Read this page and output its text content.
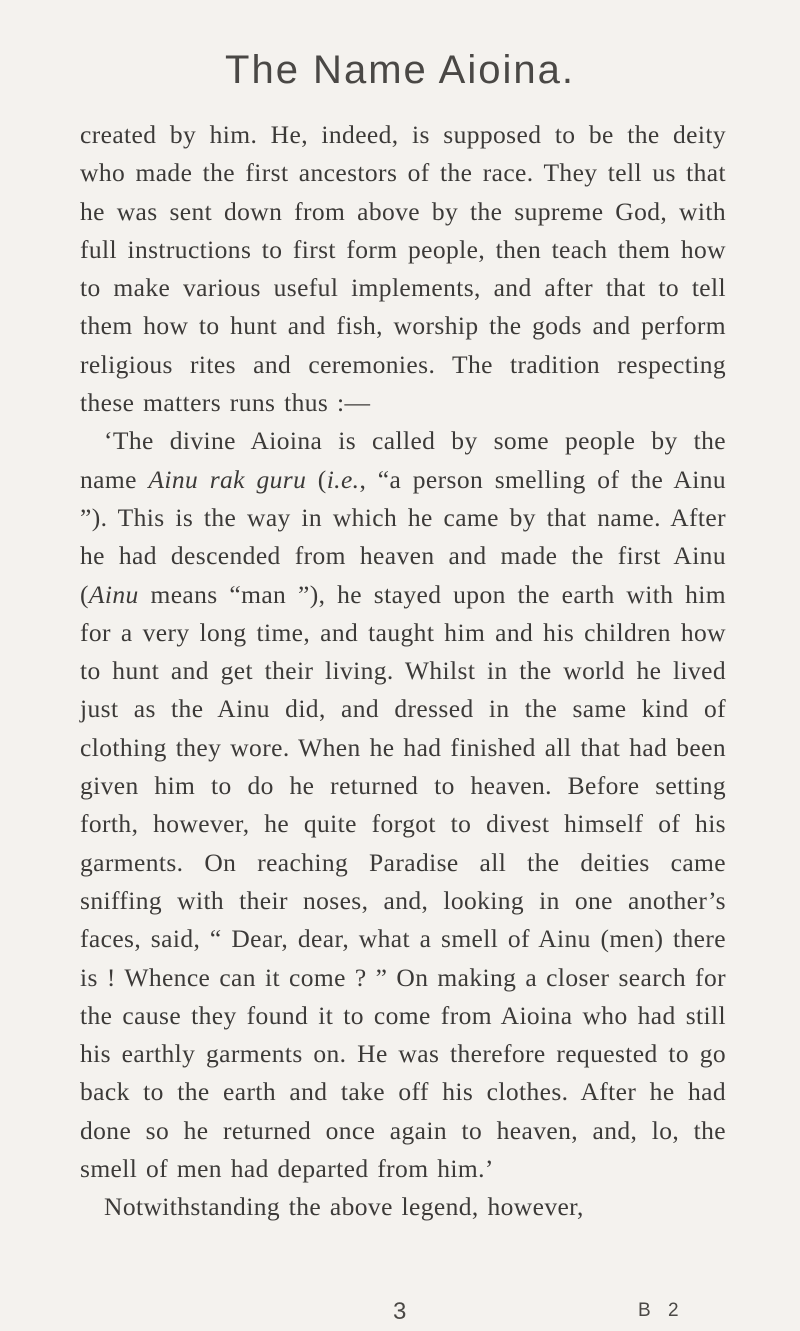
The Name Aioina.

created by him. He, indeed, is supposed to be the deity who made the first ancestors of the race. They tell us that he was sent down from above by the supreme God, with full instructions to first form people, then teach them how to make various useful implements, and after that to tell them how to hunt and fish, worship the gods and perform religious rites and ceremonies. The tradition respecting these matters runs thus :—

‘The divine Aioina is called by some people by the name Ainu rak guru (i.e., “a person smelling of the Ainu ”). This is the way in which he came by that name. After he had descended from heaven and made the first Ainu (Ainu means “man ”), he stayed upon the earth with him for a very long time, and taught him and his children how to hunt and get their living. Whilst in the world he lived just as the Ainu did, and dressed in the same kind of clothing they wore. When he had finished all that had been given him to do he returned to heaven. Before setting forth, however, he quite forgot to divest himself of his garments. On reaching Paradise all the deities came sniffing with their noses, and, looking in one another’s faces, said, “ Dear, dear, what a smell of Ainu (men) there is ! Whence can it come ? ” On making a closer search for the cause they found it to come from Aioina who had still his earthly garments on. He was therefore requested to go back to the earth and take off his clothes. After he had done so he returned once again to heaven, and, lo, the smell of men had departed from him.’

Notwithstanding the above legend, however,

3	B 2
